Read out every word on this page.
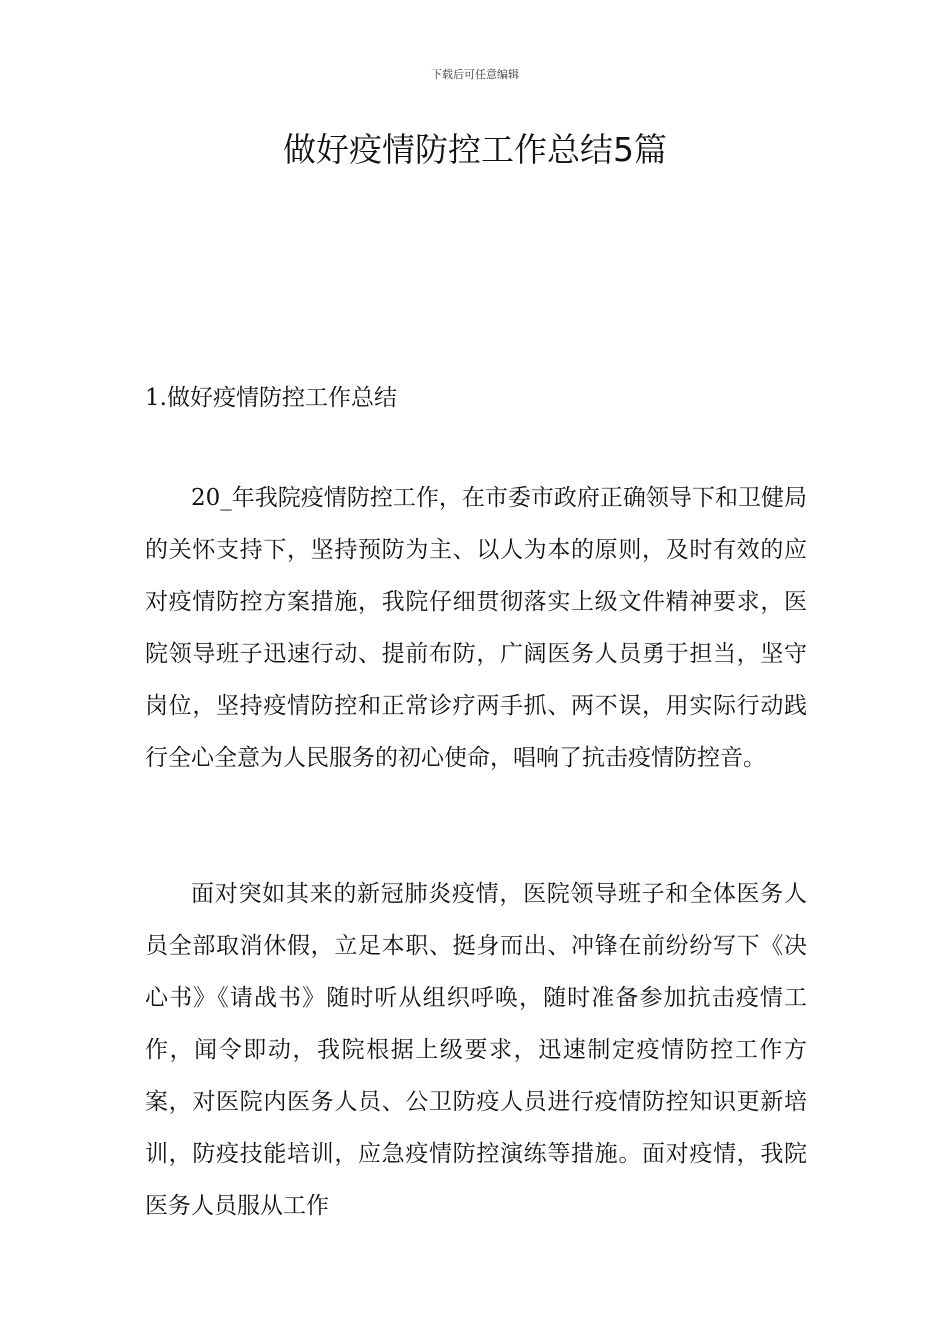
下载后可任意编辑
做好疫情防控工作总结5篇
1.做好疫情防控工作总结

20_年我院疫情防控工作，在市委市政府正确领导下和卫健局的关怀支持下，坚持预防为主、以人为本的原则，及时有效的应对疫情防控方案措施，我院仔细贯彻落实上级文件精神要求，医院领导班子迅速行动、提前布防，广阔医务人员勇于担当，坚守岗位，坚持疫情防控和正常诊疗两手抓、两不误，用实际行动践行全心全意为人民服务的初心使命，唱响了抗击疫情防控音。

面对突如其来的新冠肺炎疫情，医院领导班子和全体医务人员全部取消休假，立足本职、挺身而出、冲锋在前纷纷写下《决心书》《请战书》随时听从组织呼唤，随时准备参加抗击疫情工作，闻令即动，我院根据上级要求，迅速制定疫情防控工作方案，对医院内医务人员、公卫防疫人员进行疫情防控知识更新培训，防疫技能培训，应急疫情防控演练等措施。面对疫情，我院医务人员服从工作
